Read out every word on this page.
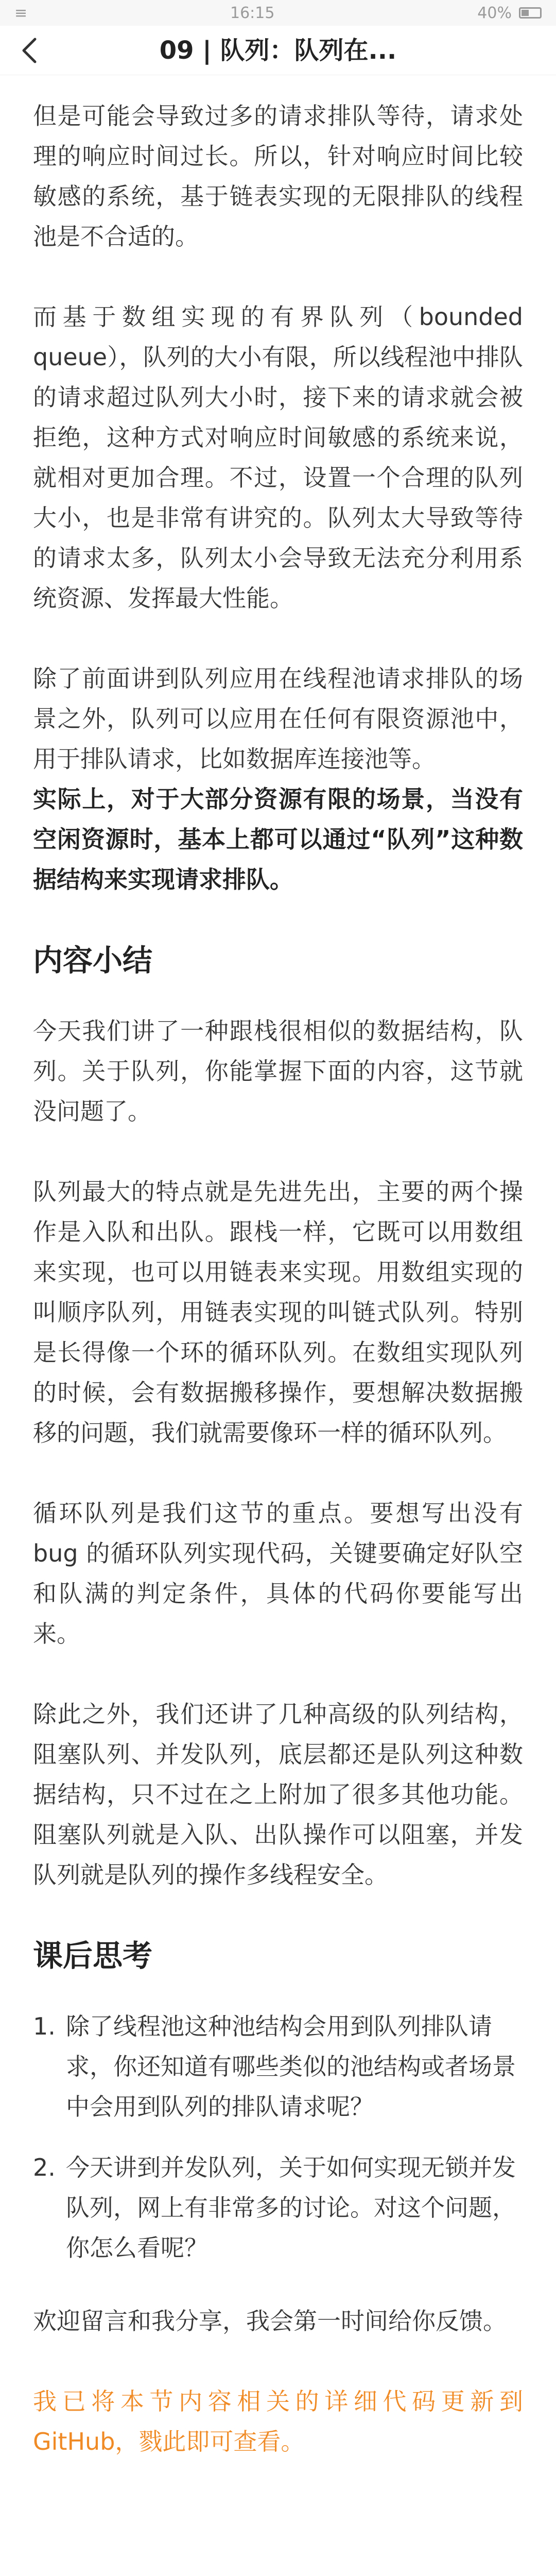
≡	16:15	40%
09 | 队列：队列在...

但是可能会导致过多的请求排队等待，请求处理的响应时间过长。所以，针对响应时间比较敏感的系统，基于链表实现的无限排队的线程池是不合适的。

而基于数组实现的有界队列（bounded queue），队列的大小有限，所以线程池中排队的请求超过队列大小时，接下来的请求就会被拒绝，这种方式对响应时间敏感的系统来说，就相对更加合理。不过，设置一个合理的队列大小，也是非常有讲究的。队列太大导致等待的请求太多，队列太小会导致无法充分利用系统资源、发挥最大性能。

除了前面讲到队列应用在线程池请求排队的场景之外，队列可以应用在任何有限资源池中，用于排队请求，比如数据库连接池等。

实际上，对于大部分资源有限的场景，当没有空闲资源时，基本上都可以通过“队列”这种数据结构来实现请求排队。

内容小结

今天我们讲了一种跟栈很相似的数据结构，队列。关于队列，你能掌握下面的内容，这节就没问题了。

队列最大的特点就是先进先出，主要的两个操作是入队和出队。跟栈一样，它既可以用数组来实现，也可以用链表来实现。用数组实现的叫顺序队列，用链表实现的叫链式队列。特别是长得像一个环的循环队列。在数组实现队列的时候，会有数据搬移操作，要想解决数据搬移的问题，我们就需要像环一样的循环队列。

循环队列是我们这节的重点。要想写出没有 bug 的循环队列实现代码，关键要确定好队空和队满的判定条件，具体的代码你要能写出来。

除此之外，我们还讲了几种高级的队列结构，阻塞队列、并发队列，底层都还是队列这种数据结构，只不过在之上附加了很多其他功能。阻塞队列就是入队、出队操作可以阻塞，并发队列就是队列的操作多线程安全。

课后思考
1. 除了线程池这种池结构会用到队列排队请求，你还知道有哪些类似的池结构或者场景中会用到队列的排队请求呢？
2. 今天讲到并发队列，关于如何实现无锁并发队列，网上有非常多的讨论。对这个问题，你怎么看呢？

欢迎留言和我分享，我会第一时间给你反馈。

我已将本节内容相关的详细代码更新到GitHub，戮此即可查看。
